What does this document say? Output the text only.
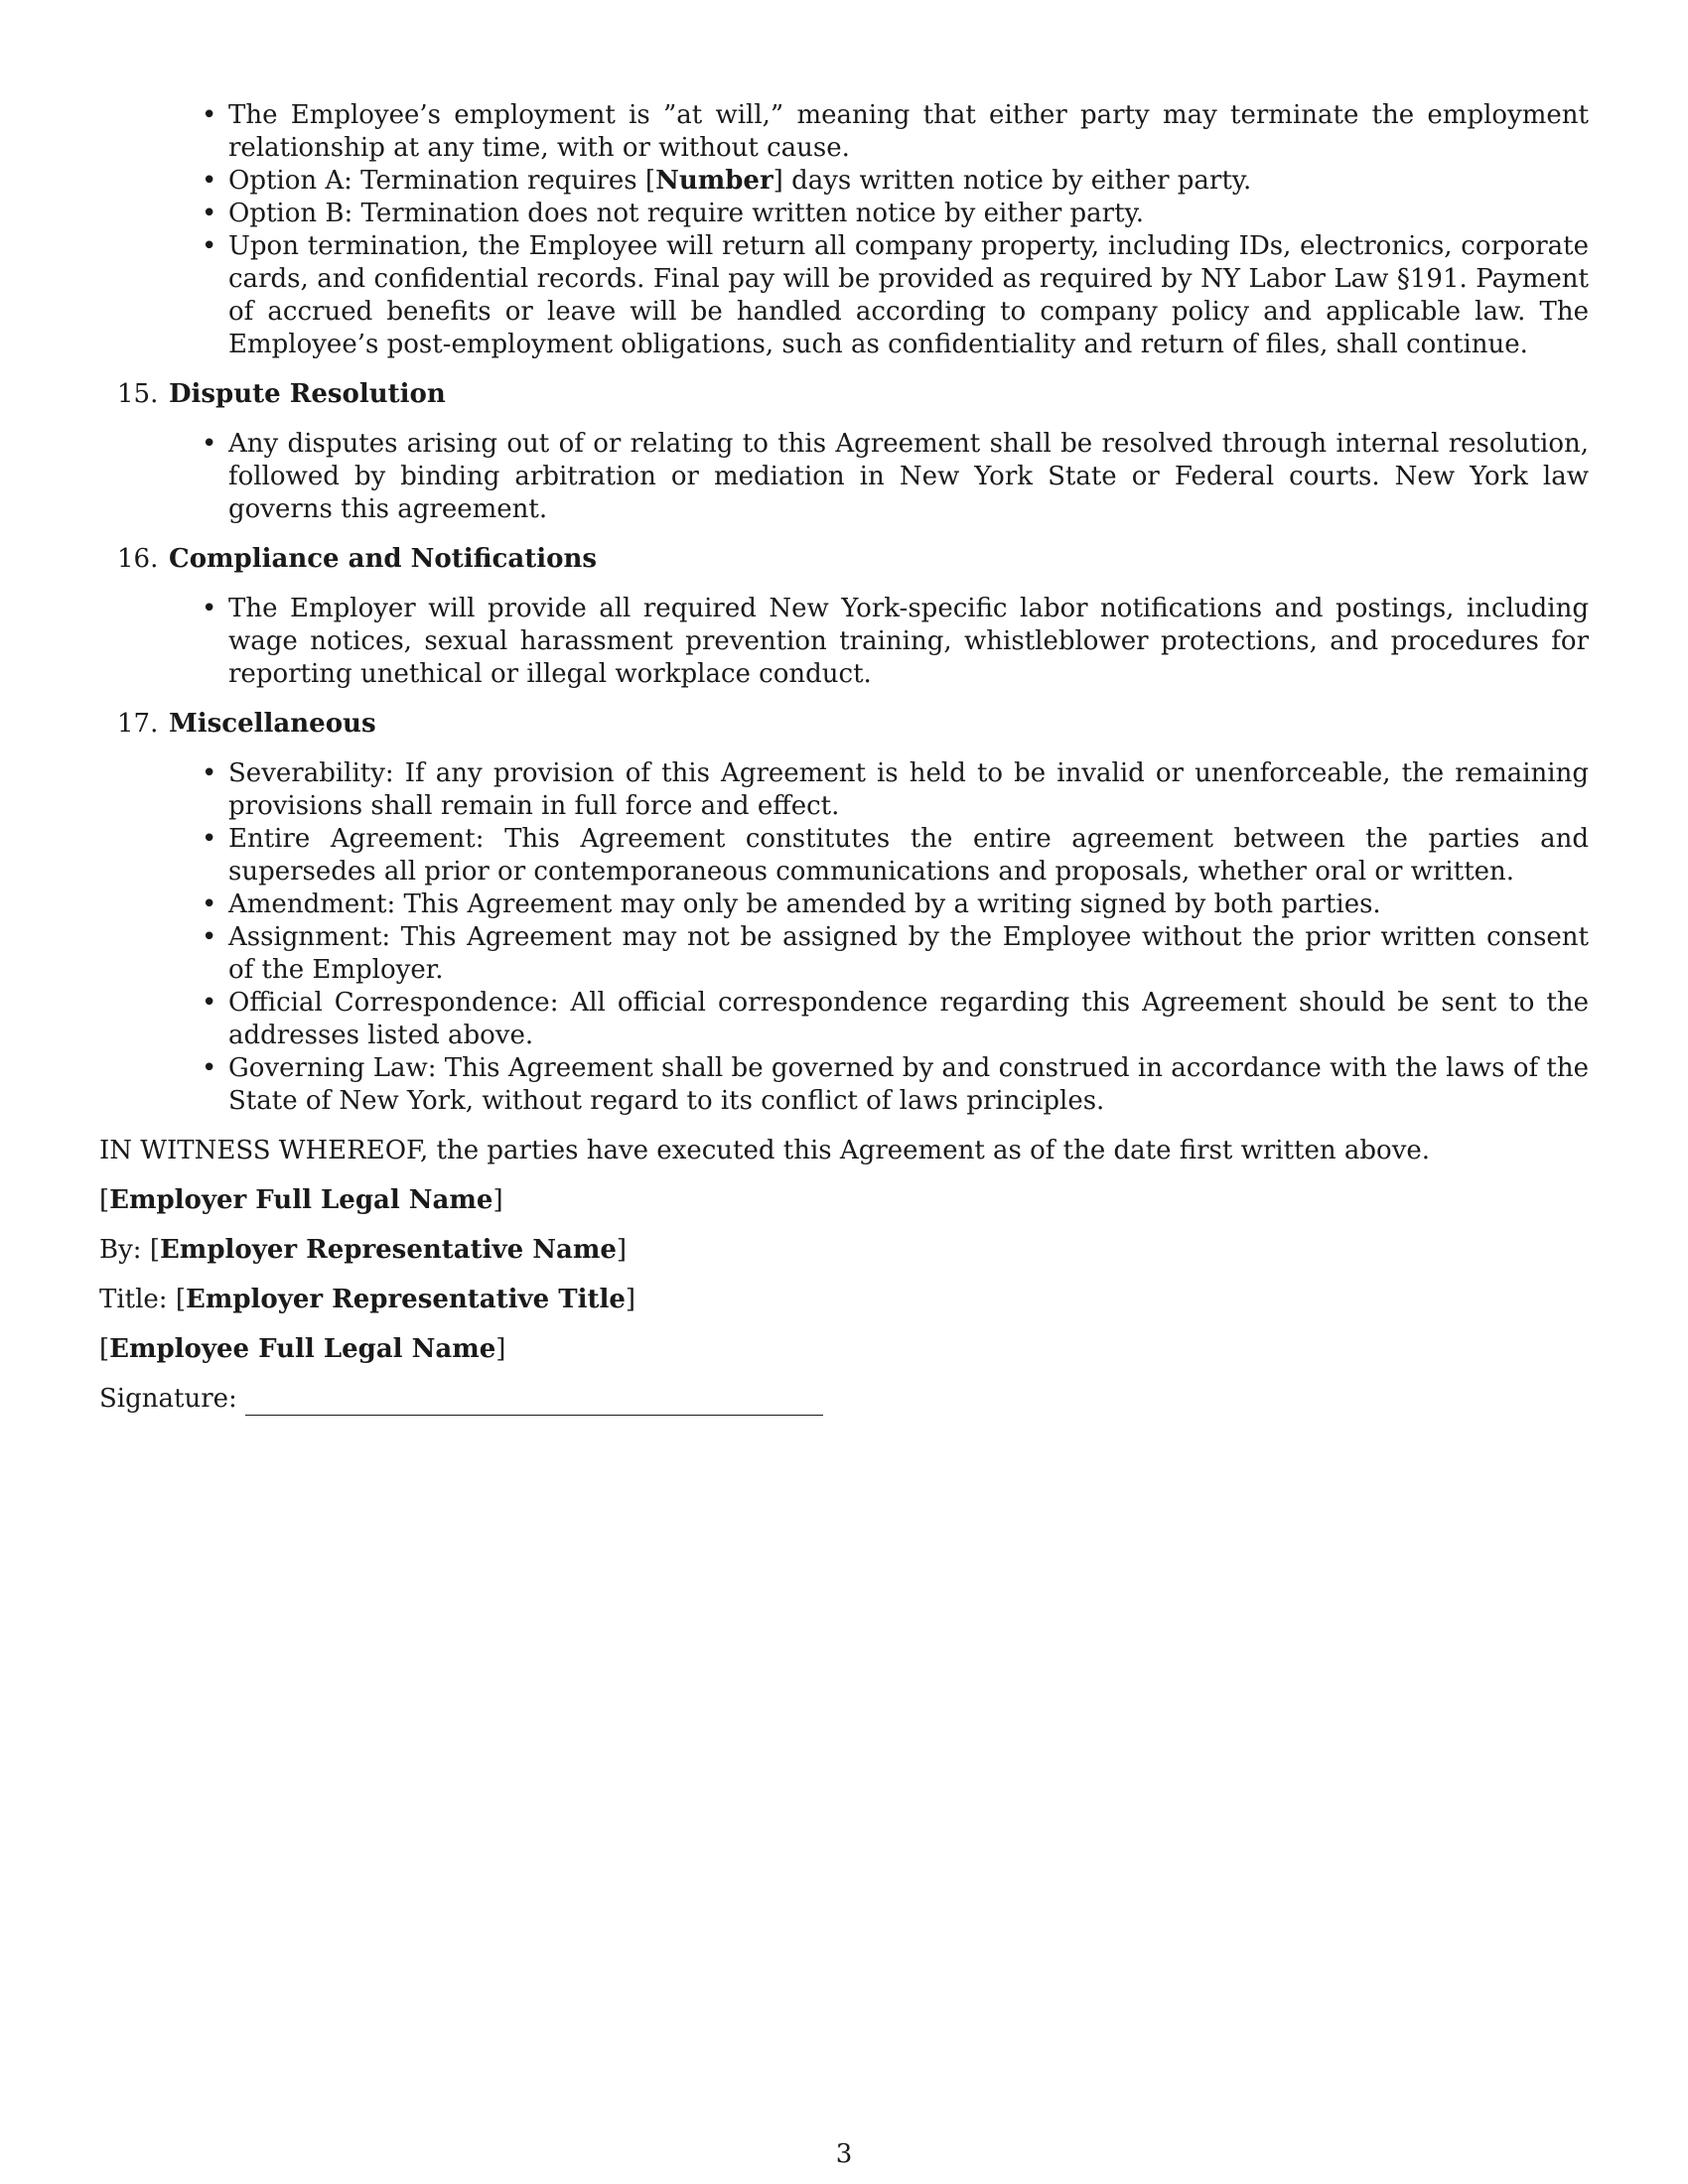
• The Employee’s employment is ”at will,” meaning that either party may terminate the employment relationship at any time, with or without cause.
• Option A: Termination requires [Number] days written notice by either party.
• Option B: Termination does not require written notice by either party.
• Upon termination, the Employee will return all company property, including IDs, electronics, corporate cards, and confidential records. Final pay will be provided as required by NY Labor Law §191. Payment of accrued benefits or leave will be handled according to company policy and applicable law. The Employee’s post-employment obligations, such as confidentiality and return of files, shall continue.
15. Dispute Resolution
• Any disputes arising out of or relating to this Agreement shall be resolved through internal resolution, followed by binding arbitration or mediation in New York State or Federal courts. New York law governs this agreement.
16. Compliance and Notifications
• The Employer will provide all required New York-specific labor notifications and postings, including wage notices, sexual harassment prevention training, whistleblower protections, and procedures for reporting unethical or illegal workplace conduct.
17. Miscellaneous
• Severability: If any provision of this Agreement is held to be invalid or unenforceable, the remaining provisions shall remain in full force and effect.
• Entire Agreement: This Agreement constitutes the entire agreement between the parties and supersedes all prior or contemporaneous communications and proposals, whether oral or written.
• Amendment: This Agreement may only be amended by a writing signed by both parties.
• Assignment: This Agreement may not be assigned by the Employee without the prior written consent of the Employer.
• Official Correspondence: All official correspondence regarding this Agreement should be sent to the addresses listed above.
• Governing Law: This Agreement shall be governed by and construed in accordance with the laws of the State of New York, without regard to its conflict of laws principles.
IN WITNESS WHEREOF, the parties have executed this Agreement as of the date first written above.
[Employer Full Legal Name]
By: [Employer Representative Name]
Title: [Employer Representative Title]
[Employee Full Legal Name]
Signature:
3
